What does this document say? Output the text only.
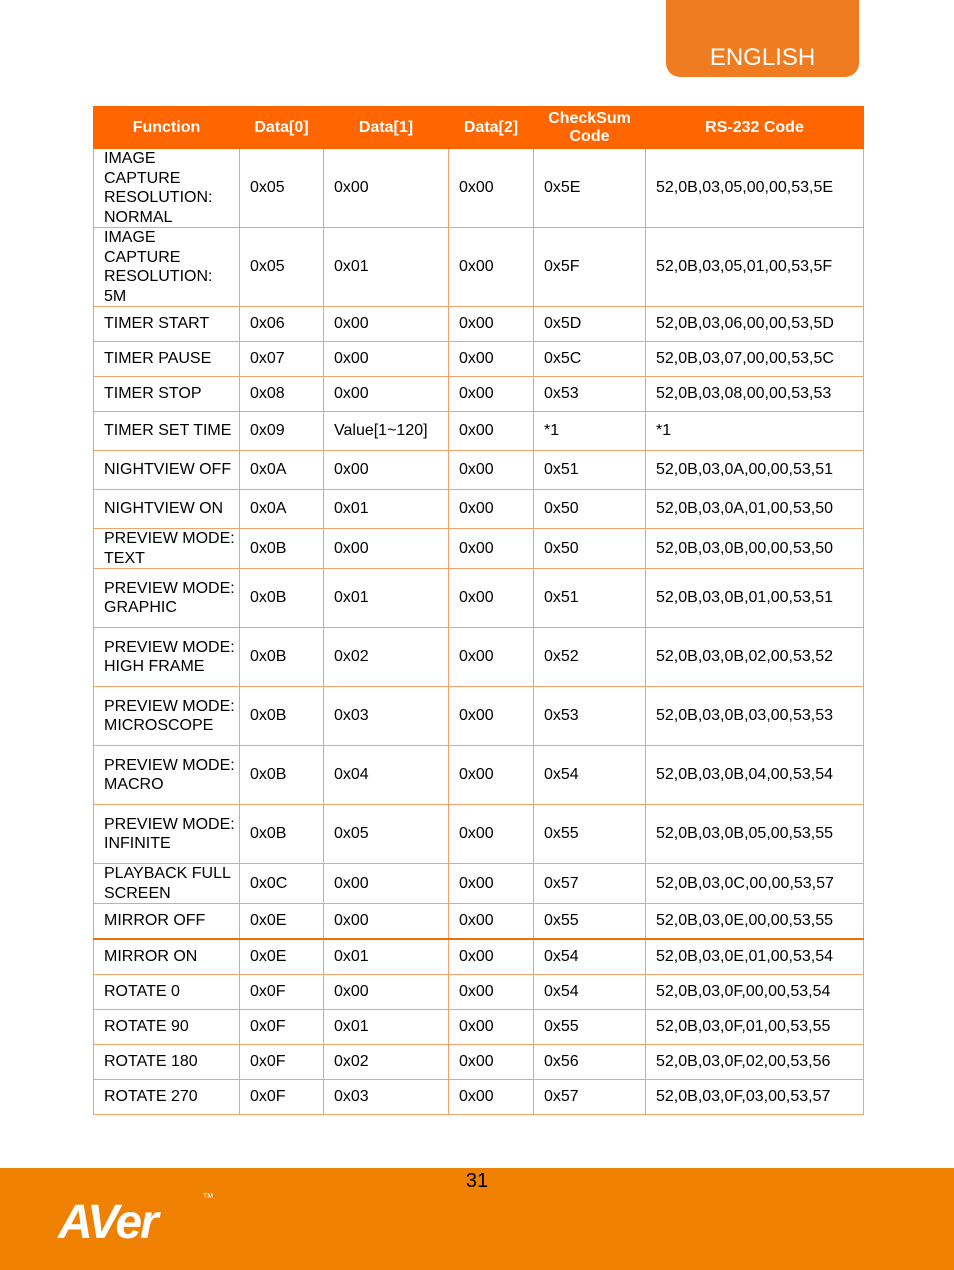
ENGLISH
Function	Data[0]	Data[1]	Data[2]	CheckSum Code	RS-232 Code
IMAGE CAPTURE RESOLUTION: NORMAL	0x05	0x00	0x00	0x5E	52,0B,03,05,00,00,53,5E
IMAGE CAPTURE RESOLUTION: 5M	0x05	0x01	0x00	0x5F	52,0B,03,05,01,00,53,5F
TIMER START	0x06	0x00	0x00	0x5D	52,0B,03,06,00,00,53,5D
TIMER PAUSE	0x07	0x00	0x00	0x5C	52,0B,03,07,00,00,53,5C
TIMER STOP	0x08	0x00	0x00	0x53	52,0B,03,08,00,00,53,53
TIMER SET TIME	0x09	Value[1~120]	0x00	*1	*1
NIGHTVIEW OFF	0x0A	0x00	0x00	0x51	52,0B,03,0A,00,00,53,51
NIGHTVIEW ON	0x0A	0x01	0x00	0x50	52,0B,03,0A,01,00,53,50
PREVIEW MODE: TEXT	0x0B	0x00	0x00	0x50	52,0B,03,0B,00,00,53,50
PREVIEW MODE: GRAPHIC	0x0B	0x01	0x00	0x51	52,0B,03,0B,01,00,53,51
PREVIEW MODE: HIGH FRAME	0x0B	0x02	0x00	0x52	52,0B,03,0B,02,00,53,52
PREVIEW MODE: MICROSCOPE	0x0B	0x03	0x00	0x53	52,0B,03,0B,03,00,53,53
PREVIEW MODE: MACRO	0x0B	0x04	0x00	0x54	52,0B,03,0B,04,00,53,54
PREVIEW MODE: INFINITE	0x0B	0x05	0x00	0x55	52,0B,03,0B,05,00,53,55
PLAYBACK FULL SCREEN	0x0C	0x00	0x00	0x57	52,0B,03,0C,00,00,53,57
MIRROR OFF	0x0E	0x00	0x00	0x55	52,0B,03,0E,00,00,53,55
MIRROR ON	0x0E	0x01	0x00	0x54	52,0B,03,0E,01,00,53,54
ROTATE 0	0x0F	0x00	0x00	0x54	52,0B,03,0F,00,00,53,54
ROTATE 90	0x0F	0x01	0x00	0x55	52,0B,03,0F,01,00,53,55
ROTATE 180	0x0F	0x02	0x00	0x56	52,0B,03,0F,02,00,53,56
ROTATE 270	0x0F	0x03	0x00	0x57	52,0B,03,0F,03,00,53,57
31
AVer	TM
